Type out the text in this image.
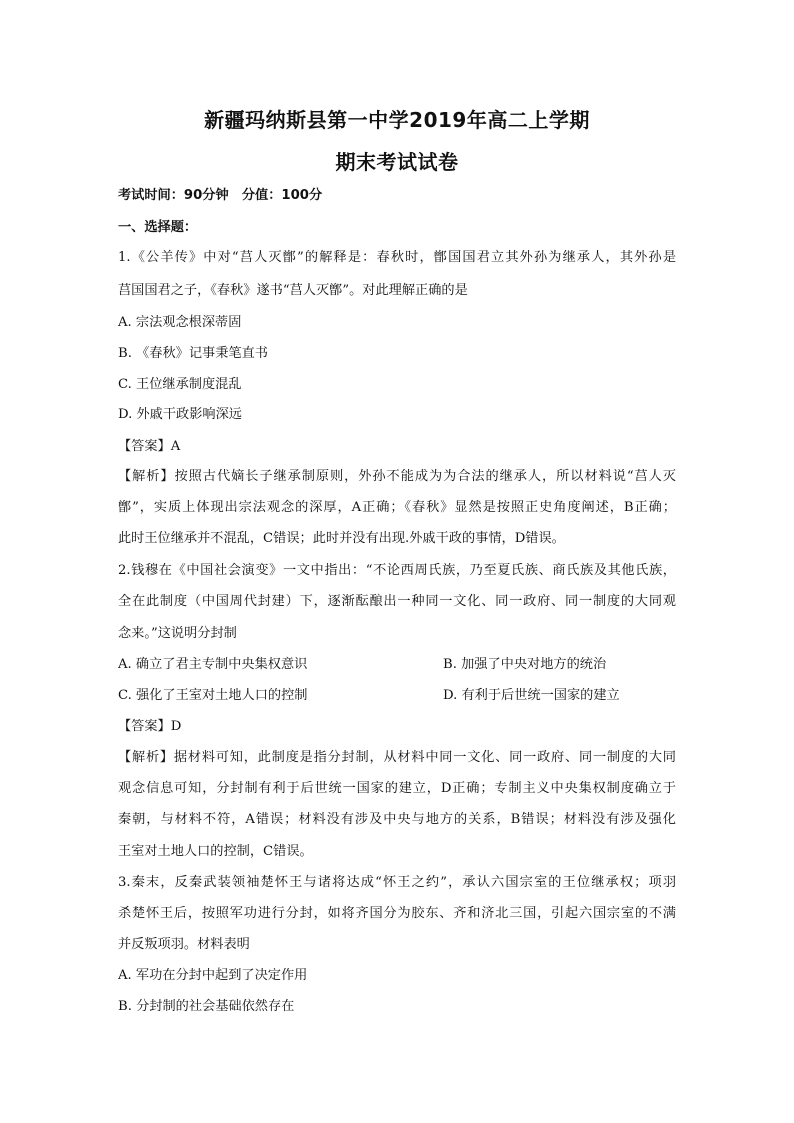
新疆玛纳斯县第一中学2019年高二上学期
期末考试试卷
考试时间：90分钟　分值：100分
一、选择题：
1.《公羊传》中对“莒人灭鄫”的解释是：春秋时，鄫国国君立其外孙为继承人，其外孙是
莒国国君之子，《春秋》遂书“莒人灭鄫”。对此理解正确的是
A. 宗法观念根深蒂固
B. 《春秋》记事秉笔直书
C. 王位继承制度混乱
D. 外戚干政影响深远
【答案】A
【解析】按照古代嫡长子继承制原则，外孙不能成为为合法的继承人，所以材料说“莒人灭
鄫”，实质上体现出宗法观念的深厚，A正确；《春秋》显然是按照正史角度阐述，B正确；
此时王位继承并不混乱，C错误；此时并没有出现.外戚干政的事情，D错误。
2.钱穆在《中国社会演变》一文中指出：“不论西周氏族，乃至夏氏族、商氏族及其他氏族，
全在此制度（中国周代封建）下，逐渐酝酿出一种同一文化、同一政府、同一制度的大同观
念来。”这说明分封制
A. 确立了君主专制中央集权意识	B. 加强了中央对地方的统治
C. 强化了王室对土地人口的控制	D. 有利于后世统一国家的建立
【答案】D
【解析】据材料可知，此制度是指分封制，从材料中同一文化、同一政府、同一制度的大同
观念信息可知，分封制有利于后世统一国家的建立，D正确；专制主义中央集权制度确立于
秦朝，与材料不符，A错误；材料没有涉及中央与地方的关系，B错误；材料没有涉及强化
王室对土地人口的控制，C错误。
3.秦末，反秦武装领袖楚怀王与诸将达成“怀王之约”，承认六国宗室的王位继承权；项羽
杀楚怀王后，按照军功进行分封，如将齐国分为胶东、齐和济北三国，引起六国宗室的不满
并反叛项羽。材料表明
A. 军功在分封中起到了决定作用
B. 分封制的社会基础依然存在
